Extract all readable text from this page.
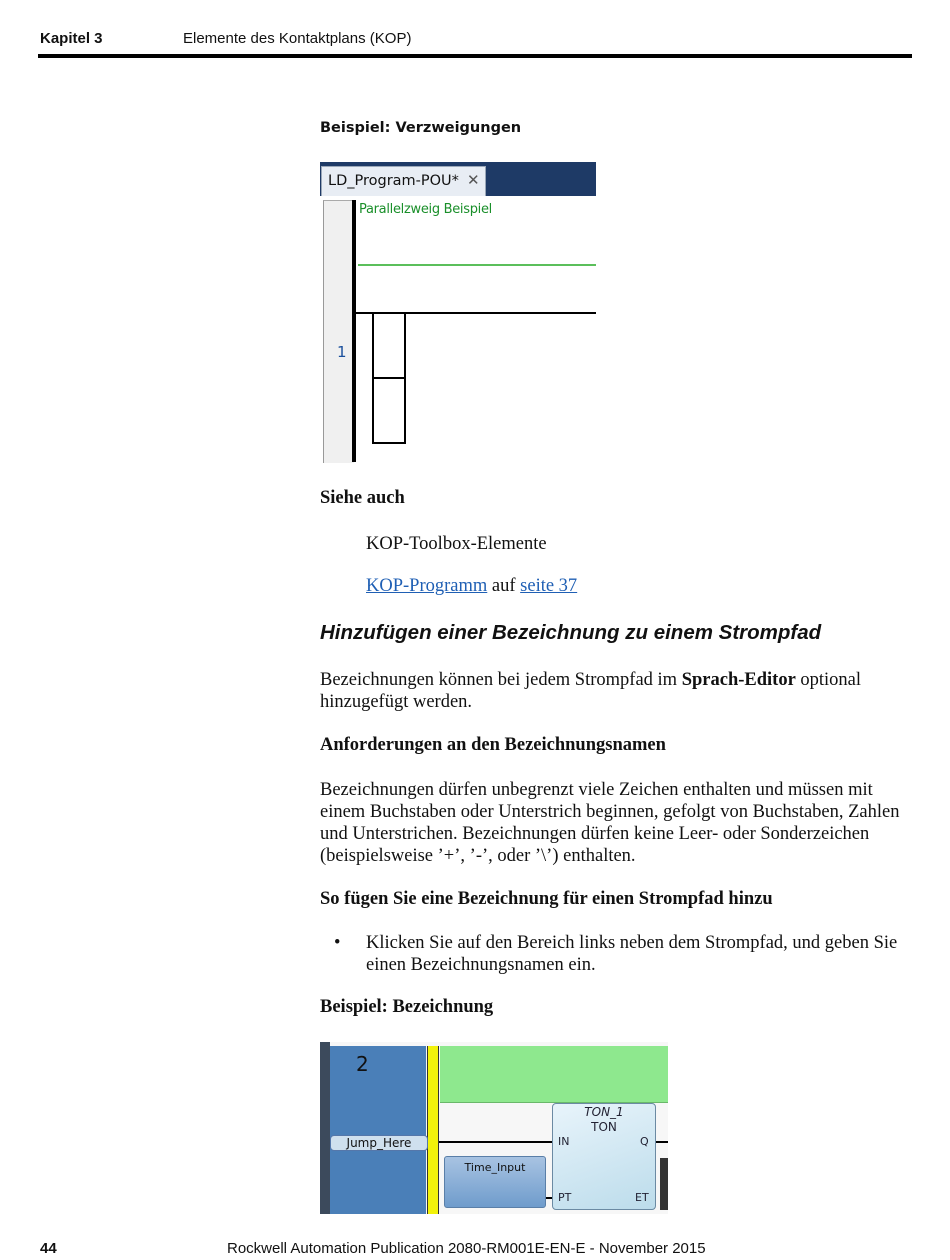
Kapitel 3	Elemente des Kontaktplans (KOP)
Beispiel: Verzweigungen
LD_Program-POU* ✕
1
Parallelzweig Beispiel
Siehe auch
KOP-Toolbox-Elemente
KOP-Programm auf seite 37
Hinzufügen einer Bezeichnung zu einem Strompfad
Bezeichnungen können bei jedem Strompfad im Sprach-Editor optional hinzugefügt werden.
Anforderungen an den Bezeichnungsnamen
Bezeichnungen dürfen unbegrenzt viele Zeichen enthalten und müssen mit einem Buchstaben oder Unterstrich beginnen, gefolgt von Buchstaben, Zahlen und Unterstrichen. Bezeichnungen dürfen keine Leer- oder Sonderzeichen (beispielsweise ’+’, ’-’, oder ’\’) enthalten.
So fügen Sie eine Bezeichnung für einen Strompfad hinzu
• Klicken Sie auf den Bereich links neben dem Strompfad, und geben Sie einen Bezeichnungsnamen ein.
Beispiel: Bezeichnung
2
Jump_Here
TON_1
TON
IN	Q
PT	ET
Time_Input
44	Rockwell Automation Publication 2080-RM001E-EN-E - November 2015
